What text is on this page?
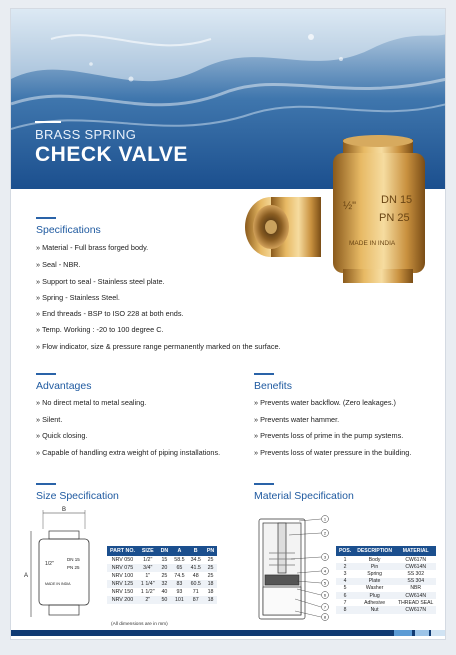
BRASS SPRING
CHECK VALVE
½" DN 15
PN 25
MADE IN INDIA
Specifications
» Material - Full brass forged body.
» Seal - NBR.
» Support to seal - Stainless steel plate.
» Spring - Stainless Steel.
» End threads - BSP to ISO 228 at both ends.
» Temp. Working : -20 to 100 degree C.
» Flow indicator, size & pressure range permanently marked on the surface.
Advantages
» No direct metal to metal sealing.
» Silent.
» Quick closing.
» Capable of handling extra weight of piping installations.
Benefits
» Prevents water backflow. (Zero leakages.)
» Prevents water hammer.
» Prevents loss of prime in the pump systems.
» Prevents loss of water pressure in the building.
Size Specification
B
A
1/2"
DN 15
PN 25
MADE IN INDIA
PART NO.	SIZE	DN	A	B	PN
NRV 050	1/2"	15	58.5	34.5	25
NRV 075	3/4"	20	65	41.5	25
NRV 100	1"	25	74.5	48	25
NRV 125	1 1/4"	32	83	60.5	18
NRV 150	1 1/2"	40	93	71	18
NRV 200	2"	50	101	87	18
(All dimensions are in mm)
Material Specification
1
2
3
4
5
6
7
8
POS.	DESCRIPTION	MATERIAL
1	Body	CW617N
2	Pin	CW614N
3	Spring	SS 302
4	Plate	SS 304
5	Washer	NBR
6	Plug	CW614N
7	Adhesive	THREAD SEAL
8	Nut	CW617N
